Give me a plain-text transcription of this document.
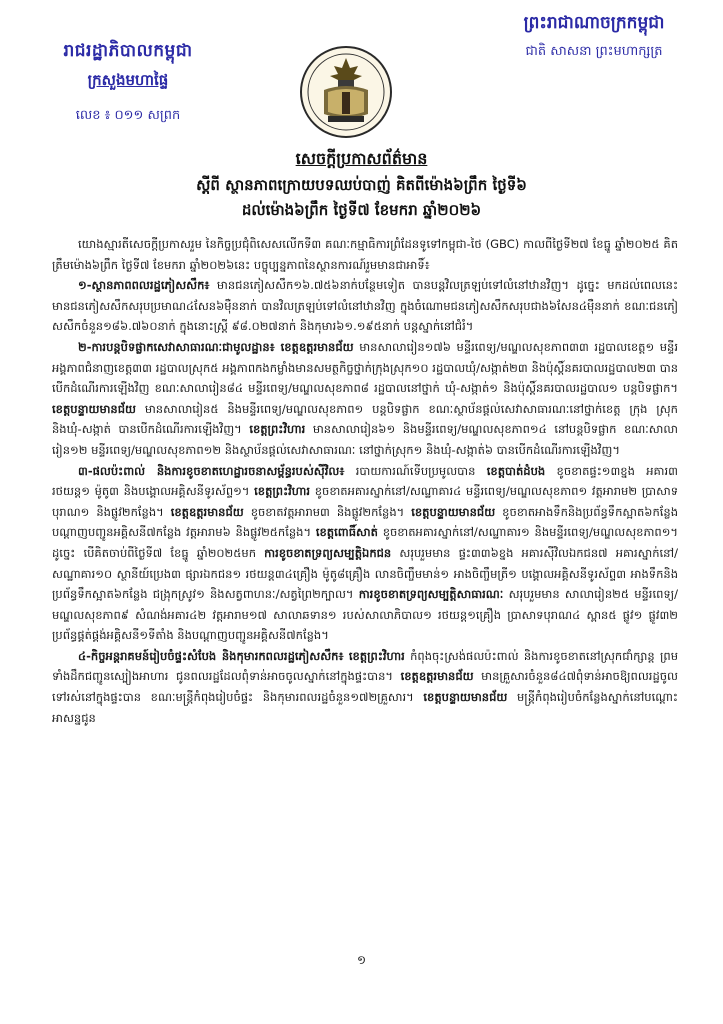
រាជរដ្ឋាភិបាលកម្ពុជា
ក្រសួងមហាផ្ទៃ
លេខ ៖ ០១១ សព្រក
ព្រះរាជាណាចក្រកម្ពុជា
ជាតិ សាសនា ព្រះមហាក្សត្រ
សេចក្តីប្រកាសព័ត៌មាន
ស្តីពី ស្ថានភាពក្រោយបទឈប់បាញ់ គិតពីម៉ោង៦ព្រឹក ថ្ងៃទី៦
ដល់ម៉ោង៦ព្រឹក ថ្ងៃទី៧ ខែមករា ឆ្នាំ២០២៦

យោងស្មារតីសេចក្តីប្រកាសរួម នៃកិច្ចប្រជុំពិសេសលើកទី៣ គណៈកម្មាធិការព្រំដែនទូទៅកម្ពុជា-ថៃ (GBC) កាលពីថ្ងៃទី២៧ ខែធ្នូ ឆ្នាំ២០២៥ គិតត្រឹមម៉ោង៦ព្រឹក ថ្ងៃទី៧ ខែមករា ឆ្នាំ២០២៦នេះ បច្ចុប្បន្នភាពនៃស្ថានការណ៍រួមមានជាអាទិ៍៖

១-ស្ថានភាពពលរដ្ឋភៀសសឹក៖ មានជនភៀសសឹក១៦.៧៥៦នាក់បន្ថែមទៀត បានបន្តវិលត្រឡប់ទៅលំនៅឋានវិញ។ ដូច្នេះ មកដល់ពេលនេះ មានជនភៀសសឹកសរុបប្រមាណ៤សែន៦ម៉ឺននាក់ បានវិលត្រឡប់ទៅលំនៅឋានវិញ ក្នុងចំណោមជនភៀសសឹកសរុបជាង៦សែន៤ម៉ឺននាក់ ខណៈជនភៀសសឹកចំនួន១៨៦.៧៦០នាក់ ក្នុងនោះស្ត្រី ៩៨.០២៧នាក់ និងកុមារ៦១.១៩៥នាក់ បន្តស្នាក់នៅជំរំ។

២-ការបន្តបិទផ្លាកសេវាសាធារណៈជាមូលដ្ឋាន៖ ខេត្តឧត្តរមានជ័យ មានសាលារៀន១៧៦ មន្ទីរពេទ្យ/មណ្ឌលសុខភាព៣៣ រដ្ឋបាលខេត្ត១ មន្ទីរអង្គភាពជំនាញខេត្ត៣៣ រដ្ឋបាលស្រុក៥ អង្គភាពកងកម្លាំងមានសមត្ថកិច្ចថ្នាក់ក្រុងស្រុក១០ រដ្ឋបាលឃុំ/សង្កាត់២៣ និងប៉ុស្តិ៍នគរបាលរដ្ឋបាល២៣ បានបើកដំណើរការឡើងវិញ ខណៈសាលារៀន៨៤ មន្ទីរពេទ្យ/មណ្ឌលសុខភាព៨ រដ្ឋបាលនៅថ្នាក់ ឃុំ-សង្កាត់១ និងប៉ុស្តិ៍នគរបាលរដ្ឋបាល១ បន្តបិទផ្លាក។ ខេត្តបន្ទាយមានជ័យ មានសាលារៀន៥ និងមន្ទីរពេទ្យ/មណ្ឌលសុខភាព១ បន្តបិទផ្លាក ខណៈស្ថាប័នផ្តល់សេវាសាធារណៈនៅថ្នាក់ខេត្ត ក្រុង ស្រុក និងឃុំ-សង្កាត់ បានបើកដំណើរការឡើងវិញ។ ខេត្តព្រះវិហារ មានសាលារៀន៦១ និងមន្ទីរពេទ្យ/មណ្ឌលសុខភាព១៤ នៅបន្តបិទផ្លាក ខណៈសាលារៀន១២ មន្ទីរពេទ្យ/មណ្ឌលសុខភាព១២ និងស្ថាប័នផ្តល់សេវាសាធារណៈ នៅថ្នាក់ស្រុក១ និងឃុំ-សង្កាត់៦ បានបើកដំណើរការឡើងវិញ។

៣-ផលប៉ះពាល់ និងការខូចខាតហេដ្ឋារចនាសម្ព័ន្ធរបស់ស៊ីវិល៖ របាយការណ៍ទើបប្រមូលបាន ខេត្តបាត់ដំបង ខូចខាតផ្ទះ១៣ខ្នង អគារ៣ រថយន្ត១ ម៉ូតូ៣ និងបង្គោលអគ្គិសនីទូរស័ព្ទ១។ ខេត្តព្រះវិហារ ខូចខាតអគារស្នាក់នៅ/សណ្ឋាគារ៤ មន្ទីរពេទ្យ/មណ្ឌលសុខភាព១ វត្តអារាម២ ប្រាសាទបុរាណ១ និងផ្លូវ២កន្លែង។ ខេត្តឧត្តរមានជ័យ ខូចខាតវត្តអារាម៣ និងផ្លូវ២កន្លែង។ ខេត្តបន្ទាយមានជ័យ ខូចខាតអាងទឹកនិងប្រព័ន្ធទឹកស្អាត៦កន្លែង បណ្តាញបញ្ជូនអគ្គិសនី៧កន្លែង វត្តអារាម៦ និងផ្លូវ២៥កន្លែង។ ខេត្តពោធិ៍សាត់ ខូចខាតអគារស្នាក់នៅ/សណ្ឋាគារ១ និងមន្ទីរពេទ្យ/មណ្ឌលសុខភាព១។ ដូច្នេះ បើគិតចាប់ពីថ្ងៃទី៧ ខែធ្នូ ឆ្នាំ២០២៥មក ការខូចខាតទ្រព្យសម្បត្តិឯកជន សរុបរួមមាន ផ្ទះ៣៣៦ខ្នង អគារស៊ីវិលឯកជន៧ អគារស្នាក់នៅ/សណ្ឋាគារ១០ ស្ថានីយ៍ប្រេង៣ ផ្សារឯកជន១ រថយន្ត៣៤គ្រឿង ម៉ូតូ៨គ្រឿង លានចិញ្ចឹមមាន់១ អាងចិញ្ចឹមត្រី១ បង្គោលអគ្គិសនីទូរស័ព្ទ៣ អាងទឹកនិងប្រព័ន្ធទឹកស្អាត៦កន្លែង ជង្រុកស្រូវ១ និងសត្វពាហនៈ/សត្វព្រៃ២ក្បាល។ ការខូចខាតទ្រព្យសម្បត្តិសាធារណៈ សរុបរួមមាន សាលារៀន២៥ មន្ទីរពេទ្យ/មណ្ឌលសុខភាព៩ សំណង់អគារ៤២ វត្តអារាម១៧ សាលាឆទាន១ របស់សាលាភិបាល១ រថយន្ត១គ្រឿង ប្រាសាទបុរាណ៤ ស្ពាន៥ ផ្លូវ១ ផ្លូវ៣២ ប្រព័ន្ធផ្គត់ផ្គង់អគ្គិសនី១ទីតាំង និងបណ្តាញបញ្ជូនអគ្គិសនី៧កន្លែង។

៤-កិច្ចអន្តរាគមន៍រៀបចំផ្ទះសំបែង និងកុមារកពលរដ្ឋភៀសសឹក៖ ខេត្តព្រះវិហារ កំពុងចុះស្រង់ផលប៉ះពាល់ និងការខូចខាតនៅស្រុកជាំក្សាន្ត ព្រមទាំងដឹកជញ្ជូនស្បៀងអាហារ ជូនពលរដ្ឋដែលពុំទាន់អាចចូលស្នាក់នៅក្នុងផ្ទះបាន។ ខេត្តឧត្តរមានជ័យ មានគ្រួសារចំនួន៨៤៧ពុំទាន់អាចឱ្យពលរដ្ឋចូលទៅរស់នៅក្នុងផ្ទះបាន ខណៈមន្ត្រីកំពុងរៀបចំផ្ទះ និងកុមារពលរដ្ឋចំនួន១៧២គ្រួសារ។ ខេត្តបន្ទាយមានជ័យ មន្ត្រីកំពុងរៀបចំកន្លែងស្នាក់នៅបណ្តោះអាសន្នជូន

១
